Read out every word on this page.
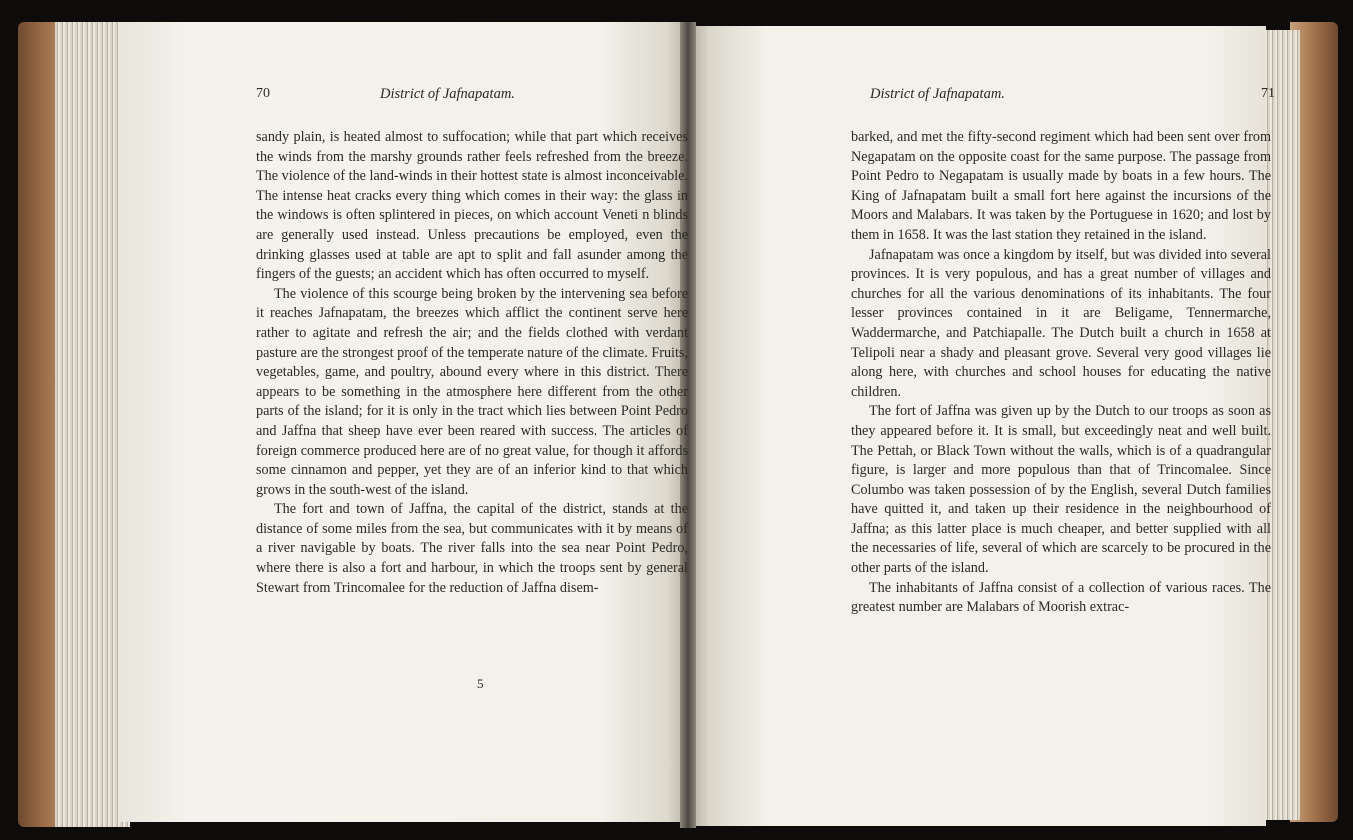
70	District of Jafnapatam.

sandy plain, is heated almost to suffocation; while that part which receives the winds from the marshy grounds rather feels refreshed from the breeze. The violence of the land-winds in their hottest state is almost inconceivable. The intense heat cracks every thing which comes in their way: the glass in the windows is often splintered in pieces, on which account Veneti n blinds are generally used instead. Unless precautions be employed, even the drinking glasses used at table are apt to split and fall asunder among the fingers of the guests; an accident which has often occurred to myself.

The violence of this scourge being broken by the intervening sea before it reaches Jafnapatam, the breezes which afflict the continent serve here rather to agitate and refresh the air; and the fields clothed with verdant pasture are the strongest proof of the temperate nature of the climate. Fruits, vegetables, game, and poultry, abound every where in this district. There appears to be something in the atmosphere here different from the other parts of the island; for it is only in the tract which lies between Point Pedro and Jaffna that sheep have ever been reared with success. The articles of foreign commerce produced here are of no great value, for though it affords some cinnamon and pepper, yet they are of an inferior kind to that which grows in the south-west of the island.

The fort and town of Jaffna, the capital of the district, stands at the distance of some miles from the sea, but communicates with it by means of a river navigable by boats. The river falls into the sea near Point Pedro, where there is also a fort and harbour, in which the troops sent by general Stewart from Trincomalee for the reduction of Jaffna disem-

5
District of Jafnapatam.	71

barked, and met the fifty-second regiment which had been sent over from Negapatam on the opposite coast for the same purpose. The passage from Point Pedro to Negapatam is usually made by boats in a few hours. The King of Jafnapatam built a small fort here against the incursions of the Moors and Malabars. It was taken by the Portuguese in 1620; and lost by them in 1658. It was the last station they retained in the island.

Jafnapatam was once a kingdom by itself, but was divided into several provinces. It is very populous, and has a great number of villages and churches for all the various denominations of its inhabitants. The four lesser provinces contained in it are Beligame, Tennermarche, Waddermarche, and Patchiapalle. The Dutch built a church in 1658 at Telipoli near a shady and pleasant grove. Several very good villages lie along here, with churches and school houses for educating the native children.

The fort of Jaffna was given up by the Dutch to our troops as soon as they appeared before it. It is small, but exceedingly neat and well built. The Pettah, or Black Town without the walls, which is of a quadrangular figure, is larger and more populous than that of Trincomalee. Since Columbo was taken possession of by the English, several Dutch families have quitted it, and taken up their residence in the neighbourhood of Jaffna; as this latter place is much cheaper, and better supplied with all the necessaries of life, several of which are scarcely to be procured in the other parts of the island.

The inhabitants of Jaffna consist of a collection of various races. The greatest number are Malabars of Moorish extrac-
